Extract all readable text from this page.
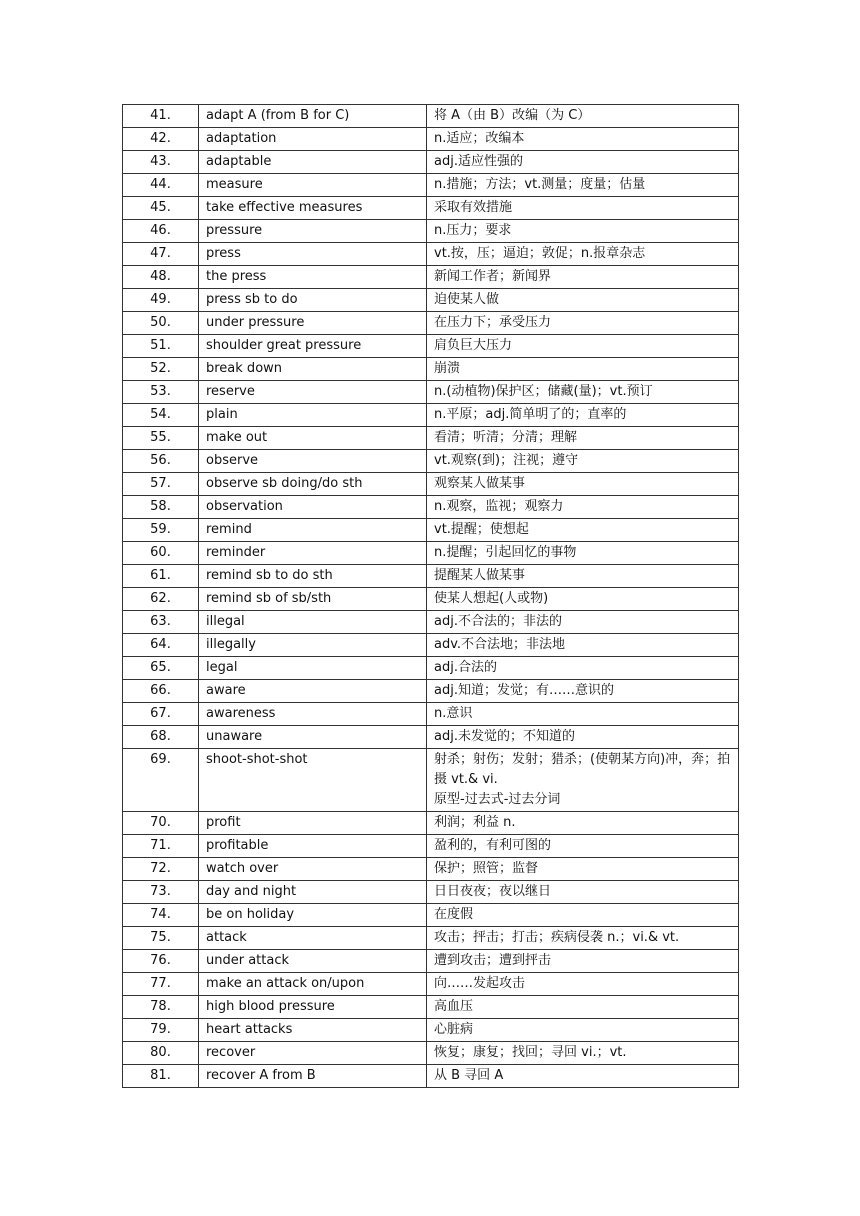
41.	adapt A (from B for C)	将 A（由 B）改编（为 C）
42.	adaptation	n.适应；改编本
43.	adaptable	adj.适应性强的
44.	measure	n.措施；方法；vt.测量；度量；估量
45.	take effective measures	采取有效措施
46.	pressure	n.压力；要求
47.	press	vt.按，压；逼迫；敦促；n.报章杂志
48.	the press	新闻工作者；新闻界
49.	press sb to do	迫使某人做
50.	under pressure	在压力下；承受压力
51.	shoulder great pressure	肩负巨大压力
52.	break down	崩溃
53.	reserve	n.(动植物)保护区；储藏(量)；vt.预订
54.	plain	n.平原；adj.简单明了的；直率的
55.	make out	看清；听清；分清；理解
56.	observe	vt.观察(到)；注视；遵守
57.	observe sb doing/do sth	观察某人做某事
58.	observation	n.观察，监视；观察力
59.	remind	vt.提醒；使想起
60.	reminder	n.提醒；引起回忆的事物
61.	remind sb to do sth	提醒某人做某事
62.	remind sb of sb/sth	使某人想起(人或物)
63.	illegal	adj.不合法的；非法的
64.	illegally	adv.不合法地；非法地
65.	legal	adj.合法的
66.	aware	adj.知道；发觉；有……意识的
67.	awareness	n.意识
68.	unaware	adj.未发觉的；不知道的
69.	shoot-shot-shot	射杀；射伤；发射；猎杀；(使朝某方向)冲，奔；拍摄 vt.& vi.
原型-过去式-过去分词

70.	profit	利润；利益 n.
71.	profitable	盈利的，有利可图的
72.	watch over	保护；照管；监督
73.	day and night	日日夜夜；夜以继日
74.	be on holiday	在度假
75.	attack	攻击；抨击；打击；疾病侵袭 n.；vi.& vt.
76.	under attack	遭到攻击；遭到抨击
77.	make an attack on/upon	向……发起攻击
78.	high blood pressure	高血压
79.	heart attacks	心脏病
80.	recover	恢复；康复；找回；寻回 vi.；vt.
81.	recover A from B	从 B 寻回 A
